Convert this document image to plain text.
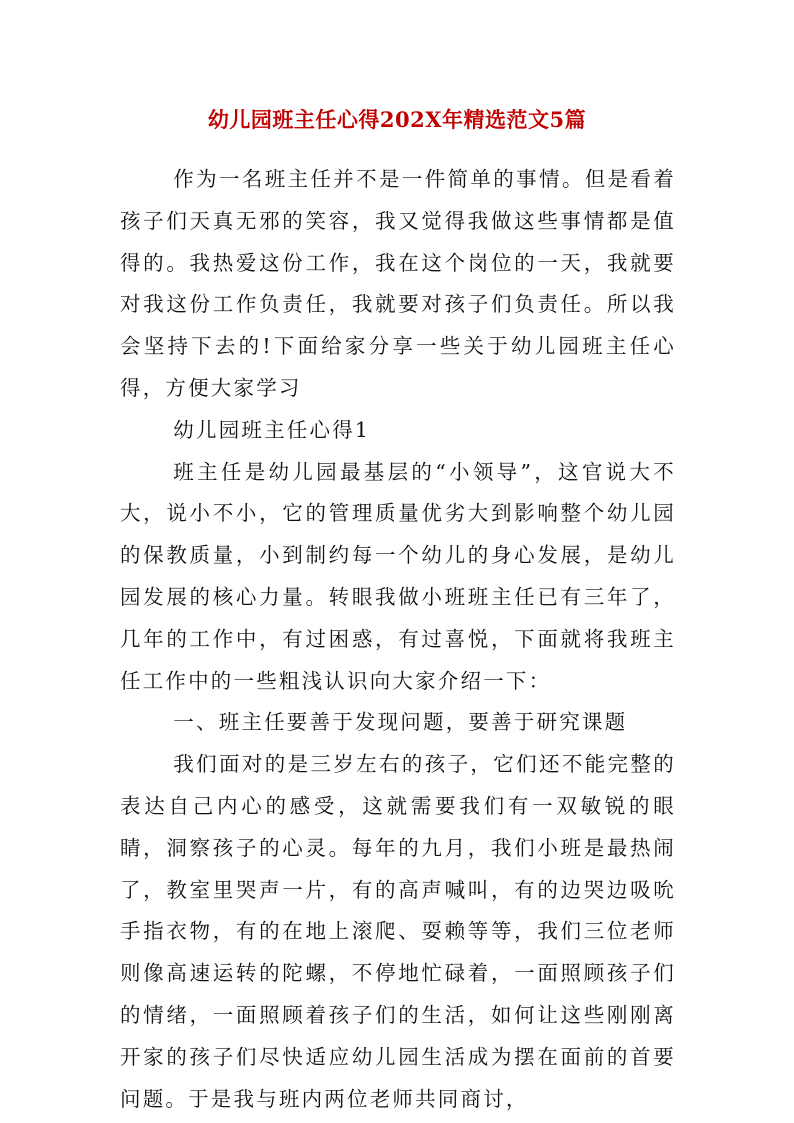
幼儿园班主任心得202X年精选范文5篇

作为一名班主任并不是一件简单的事情。但是看着孩子们天真无邪的笑容，我又觉得我做这些事情都是值得的。我热爱这份工作，我在这个岗位的一天，我就要对我这份工作负责任，我就要对孩子们负责任。所以我会坚持下去的!下面给家分享一些关于幼儿园班主任心得，方便大家学习

幼儿园班主任心得1

班主任是幼儿园最基层的“小领导”，这官说大不大，说小不小，它的管理质量优劣大到影响整个幼儿园的保教质量，小到制约每一个幼儿的身心发展，是幼儿园发展的核心力量。转眼我做小班班主任已有三年了，几年的工作中，有过困惑，有过喜悦，下面就将我班主任工作中的一些粗浅认识向大家介绍一下：

一、班主任要善于发现问题，要善于研究课题

我们面对的是三岁左右的孩子，它们还不能完整的表达自己内心的感受，这就需要我们有一双敏锐的眼睛，洞察孩子的心灵。每年的九月，我们小班是最热闹了，教室里哭声一片，有的高声喊叫，有的边哭边吸吮手指衣物，有的在地上滚爬、耍赖等等，我们三位老师则像高速运转的陀螺，不停地忙碌着，一面照顾孩子们的情绪，一面照顾着孩子们的生活，如何让这些刚刚离开家的孩子们尽快适应幼儿园生活成为摆在面前的首要问题。于是我与班内两位老师共同商讨，
